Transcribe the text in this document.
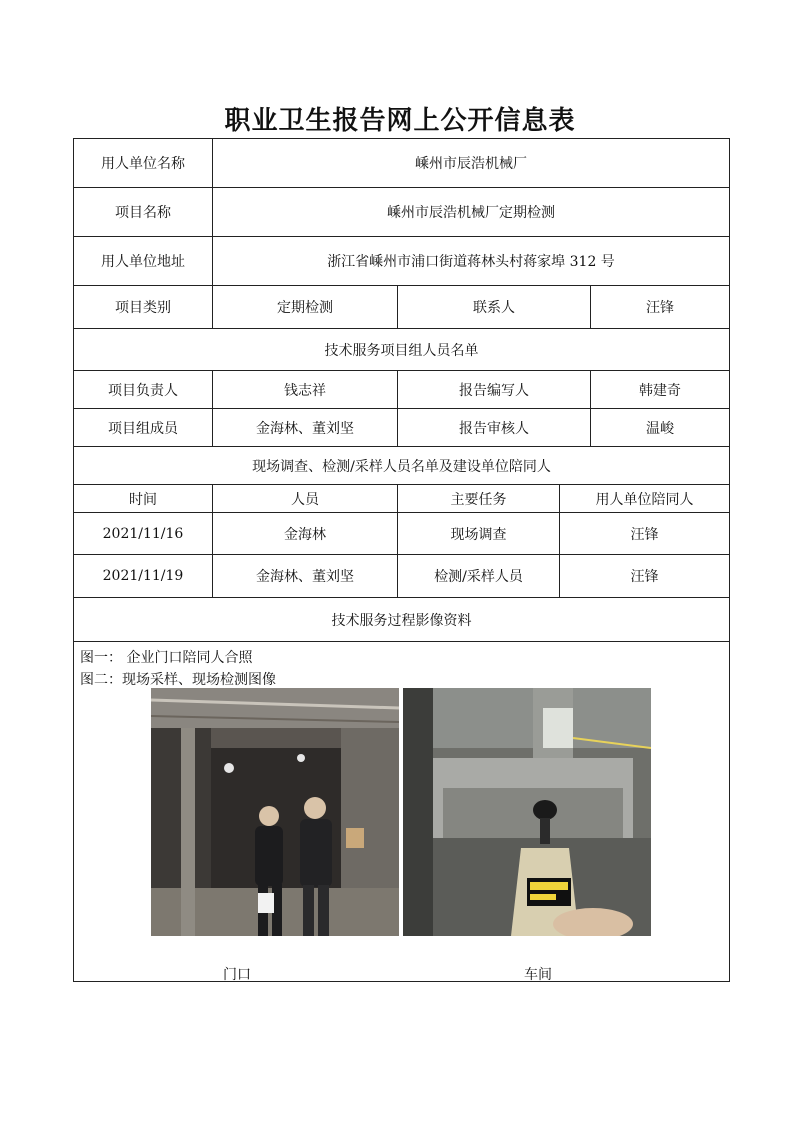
职业卫生报告网上公开信息表
用人单位名称	嵊州市辰浩机械厂			
项目名称	嵊州市辰浩机械厂定期检测			
用人单位地址	浙江省嵊州市浦口街道蒋林头村蒋家埠 312 号			
项目类别	定期检测	联系人		汪锋
技术服务项目组人员名单				
项目负责人	钱志祥	报告编写人		韩建奇
项目组成员	金海林、董刘坚	报告审核人		温峻
现场调查、检测/采样人员名单及建设单位陪同人				
时间	人员	主要任务	用人单位陪同人	
2021/11/16	金海林	现场调查	汪锋	
2021/11/19	金海林、董刘坚	检测/采样人员	汪锋	
技术服务过程影像资料				

图一： 企业门口陪同人合照
图二：现场采样、现场检测图像
门口 车间				
